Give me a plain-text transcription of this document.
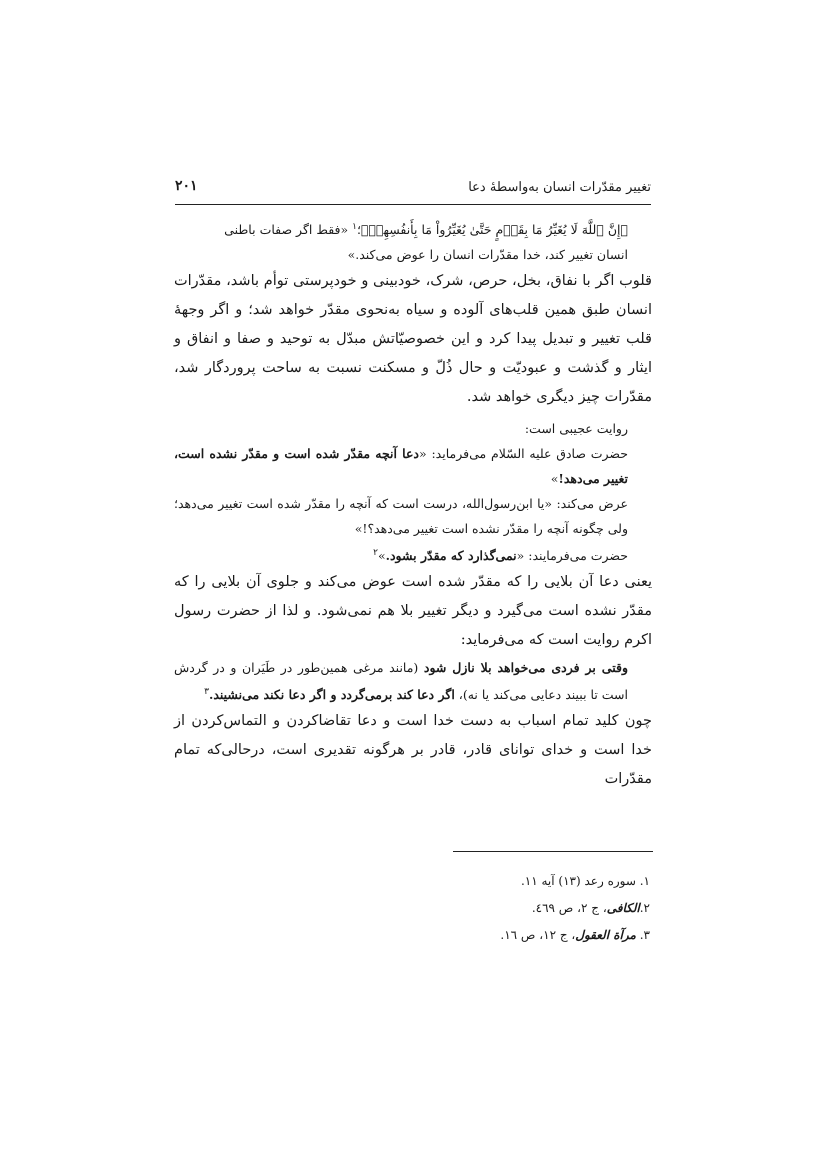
تغییر مقدّرات انسان به‌واسطهٔ دعا
۲۰۱

﴿إِنَّ ٱللَّهَ لَا يُغَيِّرُ مَا بِقَوۡمٍ حَتَّىٰ يُغَيِّرُواْ مَا بِأَنفُسِهِمۡ﴾؛$^۱$ «فقط اگر صفات باطنی
انسان تغییر کند، خدا مقدّرات انسان را عوض می‌کند.»

قلوب اگر با نفاق، بخل، حرص، شرک، خودبینی و خودپرستی توأم باشد، مقدّرات انسان طبق همین قلب‌های آلوده و سیاه به‌نحوی مقدّر خواهد شد؛ و اگر وجههٔ قلب تغییر و تبدیل پیدا کرد و این خصوصیّاتش مبدّل به توحید و صفا و انفاق و ایثار و گذشت و عبودیّت و حال ذُلّ و مسکنت نسبت به ساحت پروردگار شد، مقدّرات چیز دیگری خواهد شد.

روایت عجیبی است:

حضرت صادق علیه السّلام می‌فرماید: «دعا آنچه مقدّر شده است و مقدّر نشده است، تغییر می‌دهد!»

عرض می‌کند: «یا ابن‌رسول‌الله، درست است که آنچه را مقدّر شده است تغییر می‌دهد؛ ولی چگونه آنچه را مقدّر نشده است تغییر می‌دهد؟!»

حضرت می‌فرمایند: «نمی‌گذارد که مقدّر بشود.»$^۲$

یعنی دعا آن بلایی را که مقدّر شده است عوض می‌کند و جلوی آن بلایی را که مقدّر نشده است می‌گیرد و دیگر تغییر بلا هم نمی‌شود. و لذا از حضرت رسول اکرم روایت است که می‌فرماید:

وقتی بر فردی می‌خواهد بلا نازل شود (مانند مرغی همین‌طور در طَیَران و در گردش است تا ببیند دعایی می‌کند یا نه)، اگر دعا کند برمی‌گردد و اگر دعا نکند می‌نشیند.$^۳$

چون کلید تمام اسباب به دست خدا است و دعا تقاضاکردن و التماس‌کردن از خدا است و خدای توانای قادر، قادر بر هرگونه تقدیری است، درحالی‌که تمام مقدّرات

۱. سوره رعد (۱۳) آیه ۱۱.
۲.الکافی، ج ۲، ص ٤٦٩.
۳. مرآة العقول، ج ۱۲، ص ١٦.
